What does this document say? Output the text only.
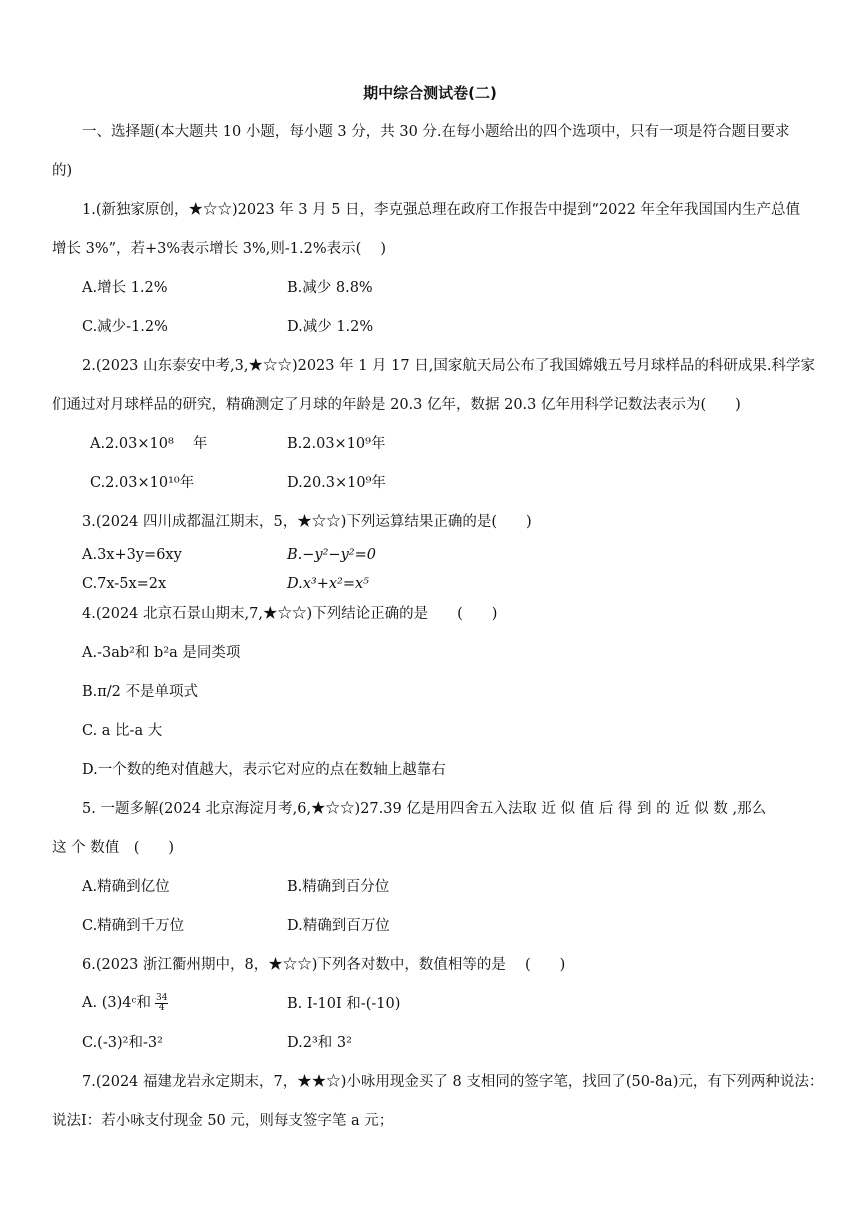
期中综合测试卷(二)
一、选择题(本大题共 10 小题，每小题 3 分，共 30 分.在每小题给出的四个选项中，只有一项是符合题目要求
的)
1.(新独家原创，★☆☆)2023 年 3 月 5 日，李克强总理在政府工作报告中提到“2022 年全年我国国内生产总值
增长 3%”，若+3%表示增长 3%,则-1.2%表示(　 )
A.增长 1.2%	B.减少 8.8%
C.减少-1.2%	D.减少 1.2%
2.(2023 山东泰安中考,3,★☆☆)2023 年 1 月 17 日,国家航天局公布了我国嫦娥五号月球样品的科研成果.科学家
们通过对月球样品的研究，精确测定了月球的年龄是 20.3 亿年，数据 20.3 亿年用科学记数法表示为(　　)
A.2.03×10⁸　 年	B.2.03×10⁹年
C.2.03×10¹⁰年	D.20.3×10⁹年
3.(2024 四川成都温江期末，5，★☆☆)下列运算结果正确的是(　　)
A.3x+3y=6xy	B.−y²−y²=0
C.7x-5x=2x	D.x³+x²=x⁵
4.(2024 北京石景山期末,7,★☆☆)下列结论正确的是　　(　　)
A.-3ab²和 b²a 是同类项
B.π/2 不是单项式
C. a 比-a 大
D.一个数的绝对值越大，表示它对应的点在数轴上越靠右
5. 一题多解(2024 北京海淀月考,6,★☆☆)27.39 亿是用四舍五入法取 近 似 值 后 得 到 的 近 似 数 ,那么
这 个 数值　(　　)
A.精确到亿位	B.精确到百分位
C.精确到千万位	D.精确到百万位
6.(2023 浙江衢州期中，8，★☆☆)下列各对数中，数值相等的是　 (　　)
A. (3)4ᶜ和 $\frac{34}{4}$	B. I-10I 和-(-10)
C.(-3)²和-3²	D.2³和 3²
7.(2024 福建龙岩永定期末，7，★★☆)小咏用现金买了 8 支相同的签字笔，找回了(50-8a)元，有下列两种说法：
说法Ⅰ：若小咏支付现金 50 元，则每支签字笔 a 元；
